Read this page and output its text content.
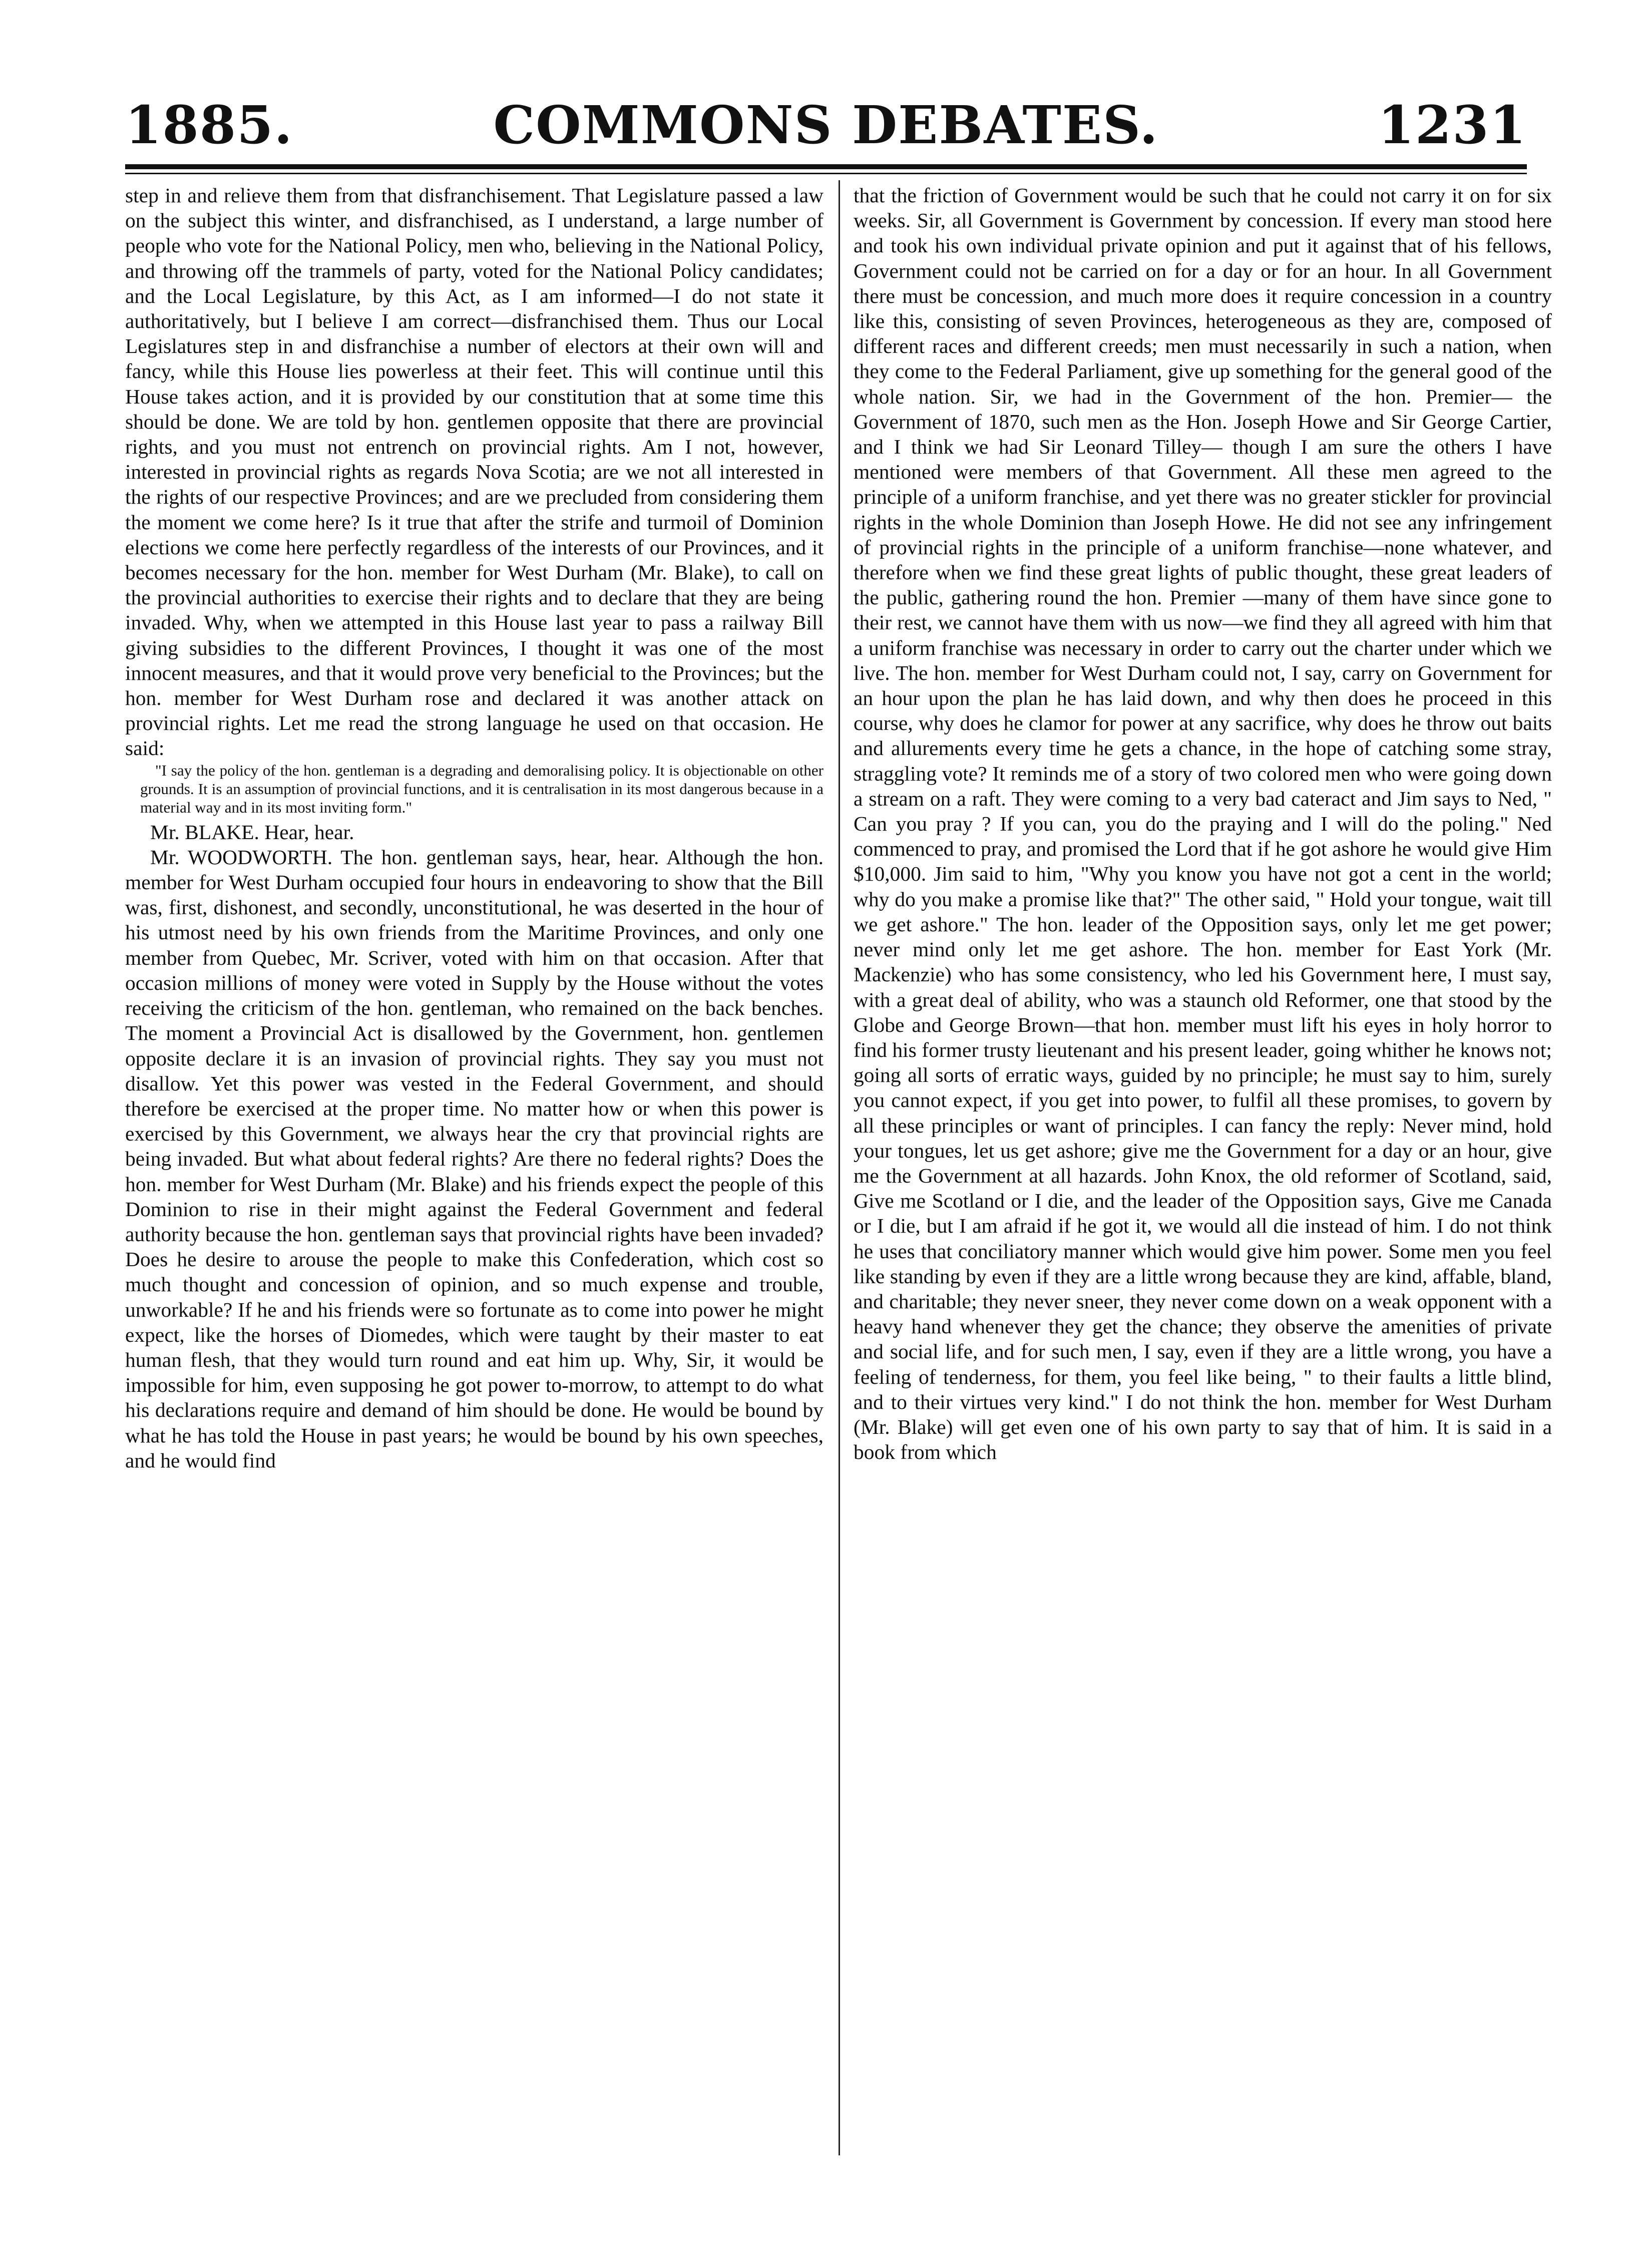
1885.	COMMONS DEBATES.	1231

step in and relieve them from that disfranchisement. That Legislature passed a law on the subject this winter, and disfranchised, as I understand, a large number of people who vote for the National Policy, men who, believing in the National Policy, and throwing off the trammels of party, voted for the National Policy candidates; and the Local Legislature, by this Act, as I am informed—I do not state it authoritatively, but I believe I am correct—disfranchised them. Thus our Local Legislatures step in and disfranchise a number of electors at their own will and fancy, while this House lies powerless at their feet. This will continue until this House takes action, and it is provided by our constitution that at some time this should be done. We are told by hon. gentlemen opposite that there are provincial rights, and you must not entrench on provincial rights. Am I not, however, interested in provincial rights as regards Nova Scotia; are we not all interested in the rights of our respective Provinces; and are we precluded from considering them the moment we come here? Is it true that after the strife and turmoil of Dominion elections we come here perfectly regardless of the interests of our Provinces, and it becomes necessary for the hon. member for West Durham (Mr. Blake), to call on the provincial authorities to exercise their rights and to declare that they are being invaded. Why, when we attempted in this House last year to pass a railway Bill giving subsidies to the different Provinces, I thought it was one of the most innocent measures, and that it would prove very beneficial to the Provinces; but the hon. member for West Durham rose and declared it was another attack on provincial rights. Let me read the strong language he used on that occasion. He said:

"I say the policy of the hon. gentleman is a degrading and demoralising policy. It is objectionable on other grounds. It is an assumption of provincial functions, and it is centralisation in its most dangerous because in a material way and in its most inviting form."

Mr. BLAKE. Hear, hear.

Mr. WOODWORTH. The hon. gentleman says, hear, hear. Although the hon. member for West Durham occupied four hours in endeavoring to show that the Bill was, first, dishonest, and secondly, unconstitutional, he was deserted in the hour of his utmost need by his own friends from the Maritime Provinces, and only one member from Quebec, Mr. Scriver, voted with him on that occasion. After that occasion millions of money were voted in Supply by the House without the votes receiving the criticism of the hon. gentleman, who remained on the back benches. The moment a Provincial Act is disallowed by the Government, hon. gentlemen opposite declare it is an invasion of provincial rights. They say you must not disallow. Yet this power was vested in the Federal Government, and should therefore be exercised at the proper time. No matter how or when this power is exercised by this Government, we always hear the cry that provincial rights are being invaded. But what about federal rights? Are there no federal rights? Does the hon. member for West Durham (Mr. Blake) and his friends expect the people of this Dominion to rise in their might against the Federal Government and federal authority because the hon. gentleman says that provincial rights have been invaded? Does he desire to arouse the people to make this Confederation, which cost so much thought and concession of opinion, and so much expense and trouble, unworkable? If he and his friends were so fortunate as to come into power he might expect, like the horses of Diomedes, which were taught by their master to eat human flesh, that they would turn round and eat him up. Why, Sir, it would be impossible for him, even supposing he got power to-morrow, to attempt to do what his declarations require and demand of him should be done. He would be bound by what he has told the House in past years; he would be bound by his own speeches, and he would find

that the friction of Government would be such that he could not carry it on for six weeks. Sir, all Government is Government by concession. If every man stood here and took his own individual private opinion and put it against that of his fellows, Government could not be carried on for a day or for an hour. In all Government there must be concession, and much more does it require concession in a country like this, consisting of seven Provinces, heterogeneous as they are, composed of different races and different creeds; men must necessarily in such a nation, when they come to the Federal Parliament, give up something for the general good of the whole nation. Sir, we had in the Government of the hon. Premier— the Government of 1870, such men as the Hon. Joseph Howe and Sir George Cartier, and I think we had Sir Leonard Tilley— though I am sure the others I have mentioned were members of that Government. All these men agreed to the principle of a uniform franchise, and yet there was no greater stickler for provincial rights in the whole Dominion than Joseph Howe. He did not see any infringement of provincial rights in the principle of a uniform franchise—none whatever, and therefore when we find these great lights of public thought, these great leaders of the public, gathering round the hon. Premier —many of them have since gone to their rest, we cannot have them with us now—we find they all agreed with him that a uniform franchise was necessary in order to carry out the charter under which we live. The hon. member for West Durham could not, I say, carry on Government for an hour upon the plan he has laid down, and why then does he proceed in this course, why does he clamor for power at any sacrifice, why does he throw out baits and allurements every time he gets a chance, in the hope of catching some stray, straggling vote? It reminds me of a story of two colored men who were going down a stream on a raft. They were coming to a very bad cateract and Jim says to Ned, " Can you pray ? If you can, you do the praying and I will do the poling." Ned commenced to pray, and promised the Lord that if he got ashore he would give Him $10,000. Jim said to him, "Why you know you have not got a cent in the world; why do you make a promise like that?" The other said, " Hold your tongue, wait till we get ashore." The hon. leader of the Opposition says, only let me get power; never mind only let me get ashore. The hon. member for East York (Mr. Mackenzie) who has some consistency, who led his Government here, I must say, with a great deal of ability, who was a staunch old Reformer, one that stood by the Globe and George Brown—that hon. member must lift his eyes in holy horror to find his former trusty lieutenant and his present leader, going whither he knows not; going all sorts of erratic ways, guided by no principle; he must say to him, surely you cannot expect, if you get into power, to fulfil all these promises, to govern by all these principles or want of principles. I can fancy the reply: Never mind, hold your tongues, let us get ashore; give me the Government for a day or an hour, give me the Government at all hazards. John Knox, the old reformer of Scotland, said, Give me Scotland or I die, and the leader of the Opposition says, Give me Canada or I die, but I am afraid if he got it, we would all die instead of him. I do not think he uses that conciliatory manner which would give him power. Some men you feel like standing by even if they are a little wrong because they are kind, affable, bland, and charitable; they never sneer, they never come down on a weak opponent with a heavy hand whenever they get the chance; they observe the amenities of private and social life, and for such men, I say, even if they are a little wrong, you have a feeling of tenderness, for them, you feel like being, " to their faults a little blind, and to their virtues very kind." I do not think the hon. member for West Durham (Mr. Blake) will get even one of his own party to say that of him. It is said in a book from which
